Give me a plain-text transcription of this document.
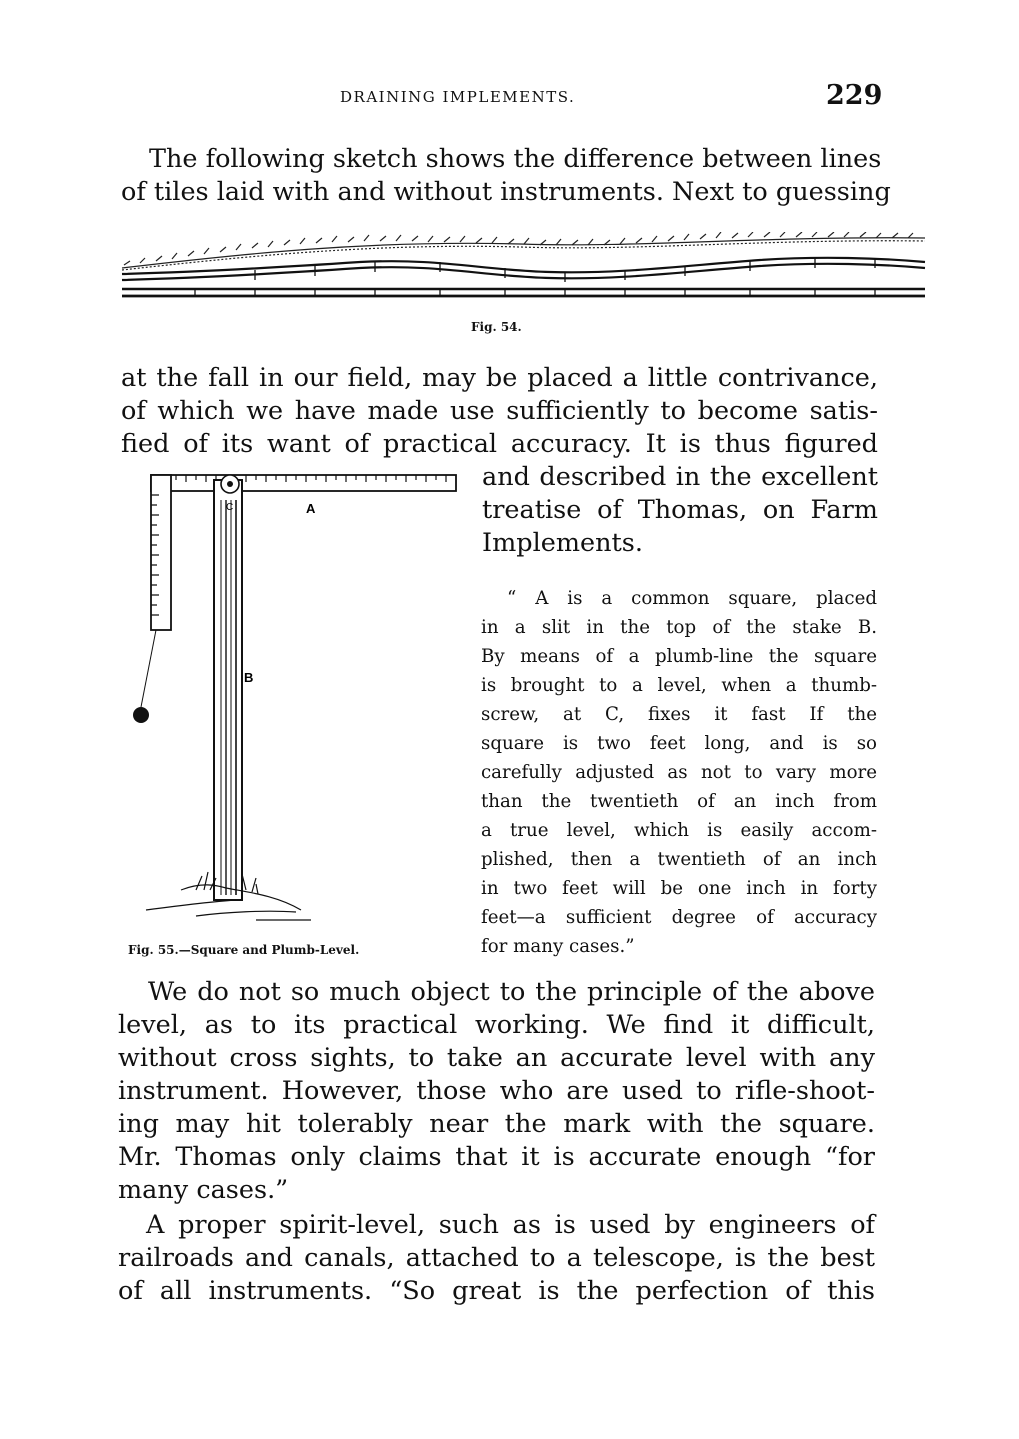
DRAINING IMPLEMENTS.	229

The following sketch shows the difference between lines
of tiles laid with and without instruments. Next to guessing

Fig. 54.

at the fall in our field, may be placed a little contrivance,
of which we have made use sufficiently to become satis-
fied of its want of practical accuracy. It is thus figured

and described in the excellent
treatise of Thomas, on Farm
Implements.

A
B
C
Fig. 55.—Square and Plumb-Level.

“ A is a common square, placed
in a slit in the top of the stake B.
By means of a plumb-line the square
is brought to a level, when a thumb-
screw, at C, fixes it fast If the
square is two feet long, and is so
carefully adjusted as not to vary more
than the twentieth of an inch from
a true level, which is easily accom-
plished, then a twentieth of an inch
in two feet will be one inch in forty
feet—a sufficient degree of accuracy
for many cases.”

We do not so much object to the principle of the above
level, as to its practical working. We find it difficult,
without cross sights, to take an accurate level with any
instrument. However, those who are used to rifle-shoot-
ing may hit tolerably near the mark with the square.
Mr. Thomas only claims that it is accurate enough “for
many cases.”

A proper spirit-level, such as is used by engineers of
railroads and canals, attached to a telescope, is the best
of all instruments. “So great is the perfection of this
